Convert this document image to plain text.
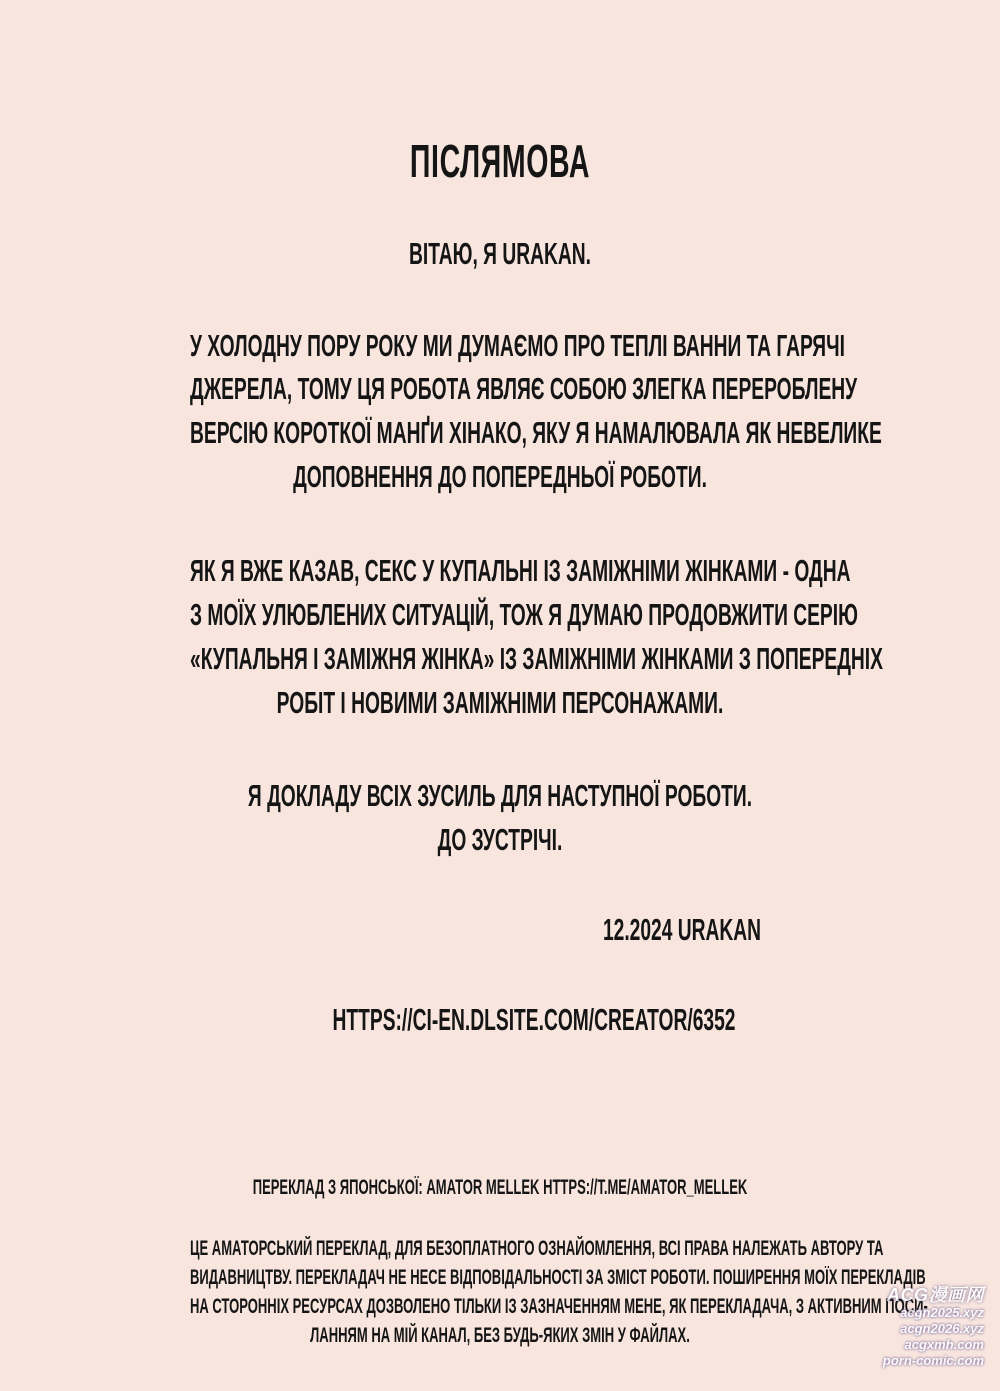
ПІСЛЯМОВА
ВІТАЮ, Я URAKAN.
У ХОЛОДНУ ПОРУ РОКУ МИ ДУМАЄМО ПРО ТЕПЛІ ВАННИ ТА ГАРЯЧІ
ДЖЕРЕЛА, ТОМУ ЦЯ РОБОТА ЯВЛЯЄ СОБОЮ ЗЛЕГКА ПЕРЕРОБЛЕНУ
ВЕРСІЮ КОРОТКОЇ МАНҐИ ХІНАКО, ЯКУ Я НАМАЛЮВАЛА ЯК НЕВЕЛИКЕ
ДОПОВНЕННЯ ДО ПОПЕРЕДНЬОЇ РОБОТИ.
ЯК Я ВЖЕ КАЗАВ, СЕКС У КУПАЛЬНІ ІЗ ЗАМІЖНІМИ ЖІНКАМИ - ОДНА
З МОЇХ УЛЮБЛЕНИХ СИТУАЦІЙ, ТОЖ Я ДУМАЮ ПРОДОВЖИТИ СЕРІЮ
«КУПАЛЬНЯ І ЗАМІЖНЯ ЖІНКА» ІЗ ЗАМІЖНІМИ ЖІНКАМИ З ПОПЕРЕДНІХ
РОБІТ І НОВИМИ ЗАМІЖНІМИ ПЕРСОНАЖАМИ.
Я ДОКЛАДУ ВСІХ ЗУСИЛЬ ДЛЯ НАСТУПНОЇ РОБОТИ.
ДО ЗУСТРІЧІ.
12.2024 URAKAN
HTTPS://CI-EN.DLSITE.COM/CREATOR/6352
ПЕРЕКЛАД З ЯПОНСЬКОЇ: AMATOR MELLEK HTTPS://T.ME/AMATOR_MELLEK
ЦЕ АМАТОРСЬКИЙ ПЕРЕКЛАД, ДЛЯ БЕЗОПЛАТНОГО ОЗНАЙОМЛЕННЯ, ВСІ ПРАВА НАЛЕЖАТЬ АВТОРУ ТА
ВИДАВНИЦТВУ. ПЕРЕКЛАДАЧ НЕ НЕСЕ ВІДПОВІДАЛЬНОСТІ ЗА ЗМІСТ РОБОТИ. ПОШИРЕННЯ МОЇХ ПЕРЕКЛАДІВ
НА СТОРОННІХ РЕСУРСАХ ДОЗВОЛЕНО ТІЛЬКИ ІЗ ЗАЗНАЧЕННЯМ МЕНЕ, ЯК ПЕРЕКЛАДАЧА, З АКТИВНИМ ПОСИ-
ЛАННЯМ НА МІЙ КАНАЛ, БЕЗ БУДЬ-ЯКИХ ЗМІН У ФАЙЛАХ.
ACG漫画网
acgn2025.xyz
acgn2026.xyz
acgxmh.com
porn-comic.com
